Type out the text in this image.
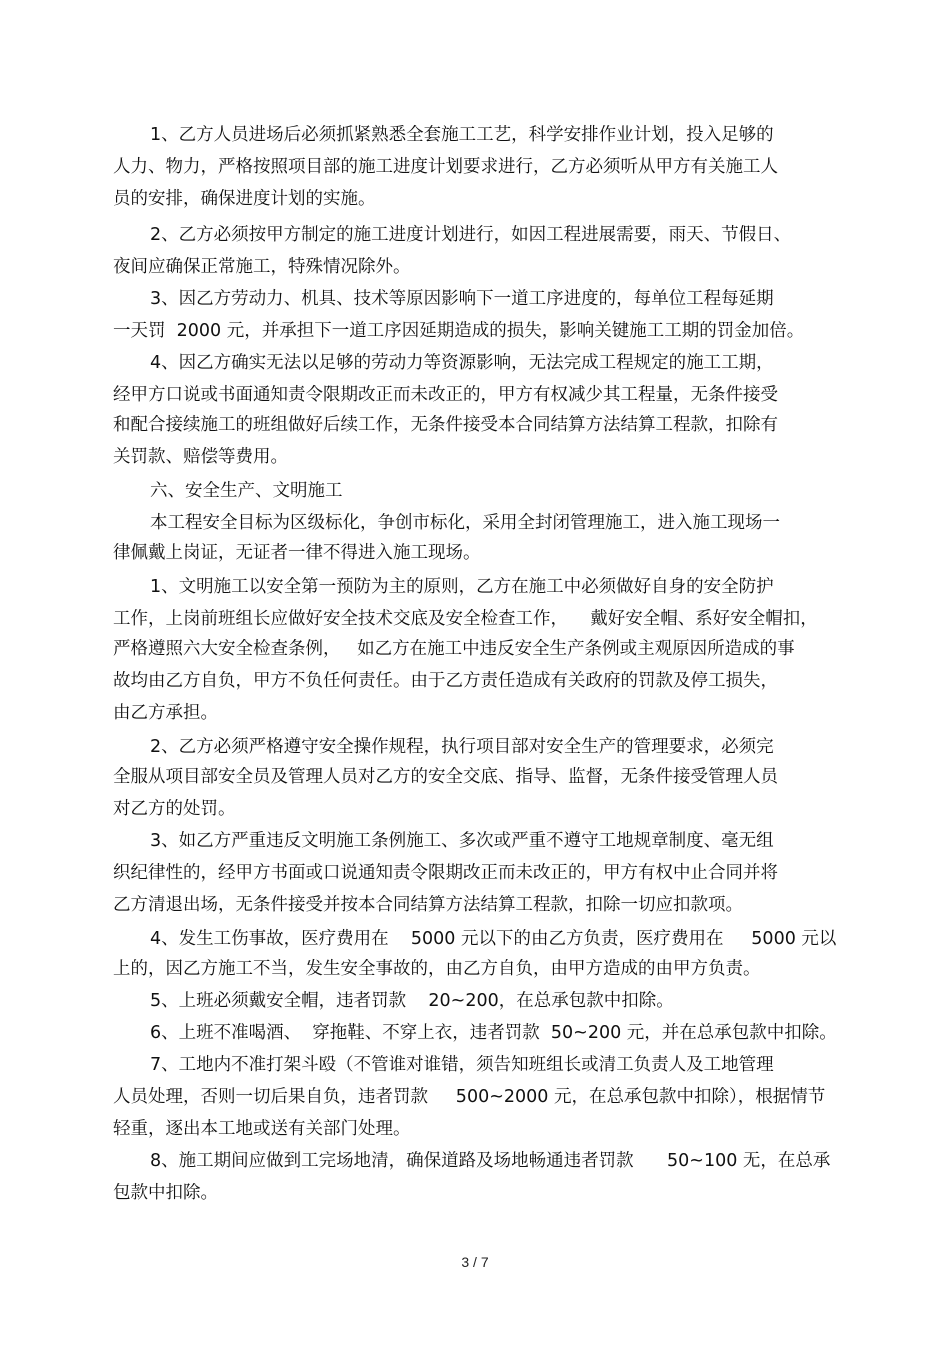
1、乙方人员进场后必须抓紧熟悉全套施工工艺，科学安排作业计划，投入足够的
人力、物力，严格按照项目部的施工进度计划要求进行，乙方必须听从甲方有关施工人
员的安排，确保进度计划的实施。
2、乙方必须按甲方制定的施工进度计划进行，如因工程进展需要，雨天、节假日、
夜间应确保正常施工，特殊情况除外。
3、因乙方劳动力、机具、技术等原因影响下一道工序进度的，每单位工程每延期
一天罚  2000 元，并承担下一道工序因延期造成的损失，影响关键施工工期的罚金加倍。
4、因乙方确实无法以足够的劳动力等资源影响，无法完成工程规定的施工工期，
经甲方口说或书面通知责令限期改正而未改正的，甲方有权减少其工程量，无条件接受
和配合接续施工的班组做好后续工作，无条件接受本合同结算方法结算工程款，扣除有
关罚款、赔偿等费用。
六、安全生产、文明施工
本工程安全目标为区级标化，争创市标化，采用全封闭管理施工，进入施工现场一
律佩戴上岗证，无证者一律不得进入施工现场。
1、文明施工以安全第一预防为主的原则，乙方在施工中必须做好自身的安全防护
工作，上岗前班组长应做好安全技术交底及安全检查工作，    戴好安全帽、系好安全帽扣，
严格遵照六大安全检查条例，   如乙方在施工中违反安全生产条例或主观原因所造成的事
故均由乙方自负，甲方不负任何责任。由于乙方责任造成有关政府的罚款及停工损失，
由乙方承担。
2、乙方必须严格遵守安全操作规程，执行项目部对安全生产的管理要求，必须完
全服从项目部安全员及管理人员对乙方的安全交底、指导、监督，无条件接受管理人员
对乙方的处罚。
3、如乙方严重违反文明施工条例施工、多次或严重不遵守工地规章制度、毫无组
织纪律性的，经甲方书面或口说通知责令限期改正而未改正的，甲方有权中止合同并将
乙方清退出场，无条件接受并按本合同结算方法结算工程款，扣除一切应扣款项。
4、发生工伤事故，医疗费用在    5000 元以下的由乙方负责，医疗费用在     5000 元以
上的，因乙方施工不当，发生安全事故的，由乙方自负，由甲方造成的由甲方负责。
5、上班必须戴安全帽，违者罚款    20~200，在总承包款中扣除。
6、上班不准喝酒、  穿拖鞋、不穿上衣，违者罚款  50~200 元，并在总承包款中扣除。
7、工地内不准打架斗殴（不管谁对谁错，须告知班组长或清工负责人及工地管理
人员处理，否则一切后果自负，违者罚款     500~2000 元，在总承包款中扣除），根据情节
轻重，逐出本工地或送有关部门处理。
8、施工期间应做到工完场地清，确保道路及场地畅通违者罚款      50~100 无，在总承
包款中扣除。
3 / 7
